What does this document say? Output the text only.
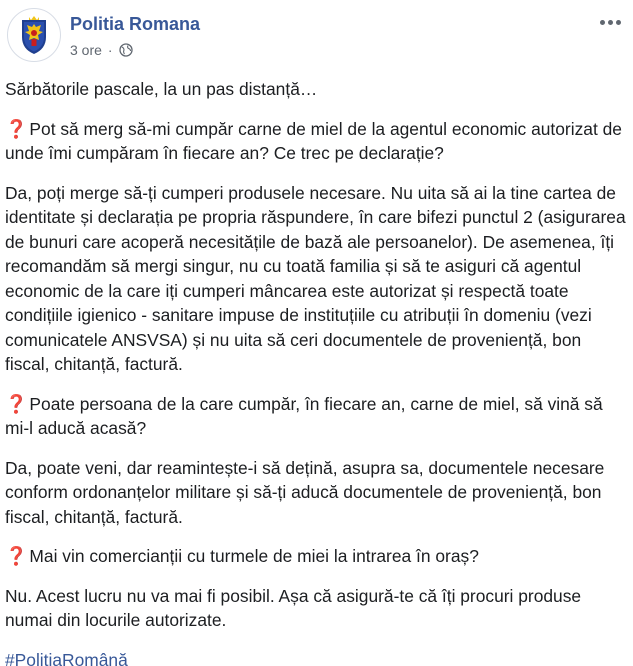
Politia Romana
3 ore ·

Sărbătorile pascale, la un pas distanță…

❓ Pot să merg să-mi cumpăr carne de miel de la agentul economic autorizat de unde îmi cumpăram în fiecare an? Ce trec pe declarație?

Da, poți merge să-ți cumperi produsele necesare. Nu uita să ai la tine cartea de identitate și declarația pe propria răspundere, în care bifezi punctul 2 (asigurarea de bunuri care acoperă necesitățile de bază ale persoanelor). De asemenea, îți recomandăm să mergi singur, nu cu toată familia și să te asiguri că agentul economic de la care iți cumperi mâncarea este autorizat și respectă toate condițiile igienico - sanitare impuse de instituțiile cu atribuții în domeniu (vezi comunicatele ANSVSA) și nu uita să ceri documentele de proveniență, bon fiscal, chitanță, factură.

❓ Poate persoana de la care cumpăr, în fiecare an, carne de miel, să vină să mi-l aducă acasă?

Da, poate veni, dar reamintește-i să dețină, asupra sa, documentele necesare conform ordonanțelor militare și să-ți aducă documentele de proveniență, bon fiscal, chitanță, factură.

❓ Mai vin comercianții cu turmele de miei la intrarea în oraș?

Nu. Acest lucru nu va mai fi posibil. Așa că asigură-te că îți procuri produse numai din locurile autorizate.

#PolitiaRomână
